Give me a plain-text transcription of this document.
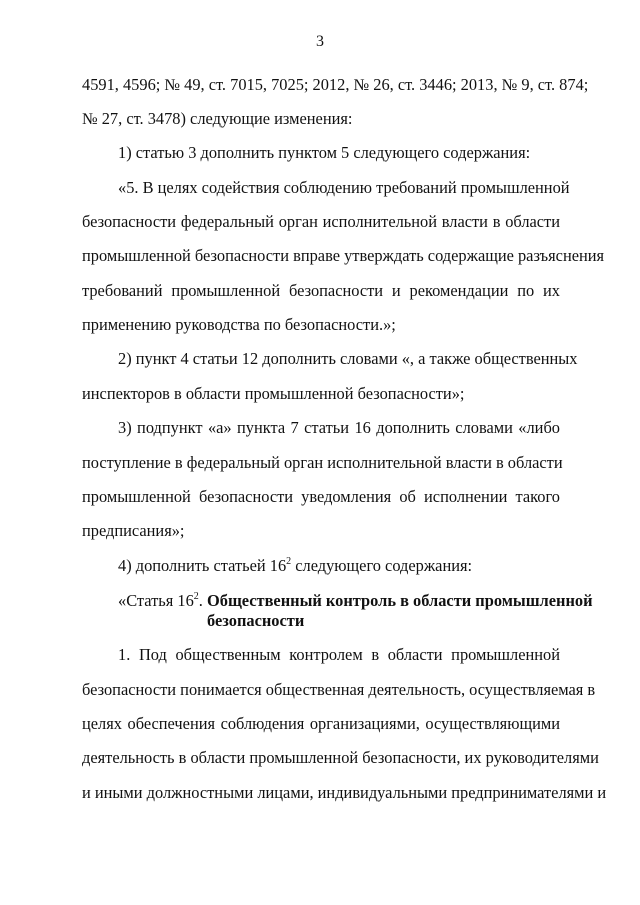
3
4591, 4596; № 49, ст. 7015, 7025; 2012, № 26, ст. 3446; 2013, № 9, ст. 874;
№ 27, ст. 3478) следующие изменения:
1) статью 3 дополнить пунктом 5 следующего содержания:
«5. В целях содействия соблюдению требований промышленной
безопасности федеральный орган исполнительной власти в области
промышленной безопасности вправе утверждать содержащие разъяснения
требований промышленной безопасности и рекомендации по их
применению руководства по безопасности.»;
2) пункт 4 статьи 12 дополнить словами «, а также общественных
инспекторов в области промышленной безопасности»;
3) подпункт «а» пункта 7 статьи 16 дополнить словами «либо
поступление в федеральный орган исполнительной власти в области
промышленной безопасности уведомления об исполнении такого
предписания»;
4) дополнить статьей $16^2$ следующего содержания:
«Статья $16^2$. Общественный контроль в области промышленной
безопасности
1. Под общественным контролем в области промышленной
безопасности понимается общественная деятельность, осуществляемая в
целях обеспечения соблюдения организациями, осуществляющими
деятельность в области промышленной безопасности, их руководителями
и иными должностными лицами, индивидуальными предпринимателями и
